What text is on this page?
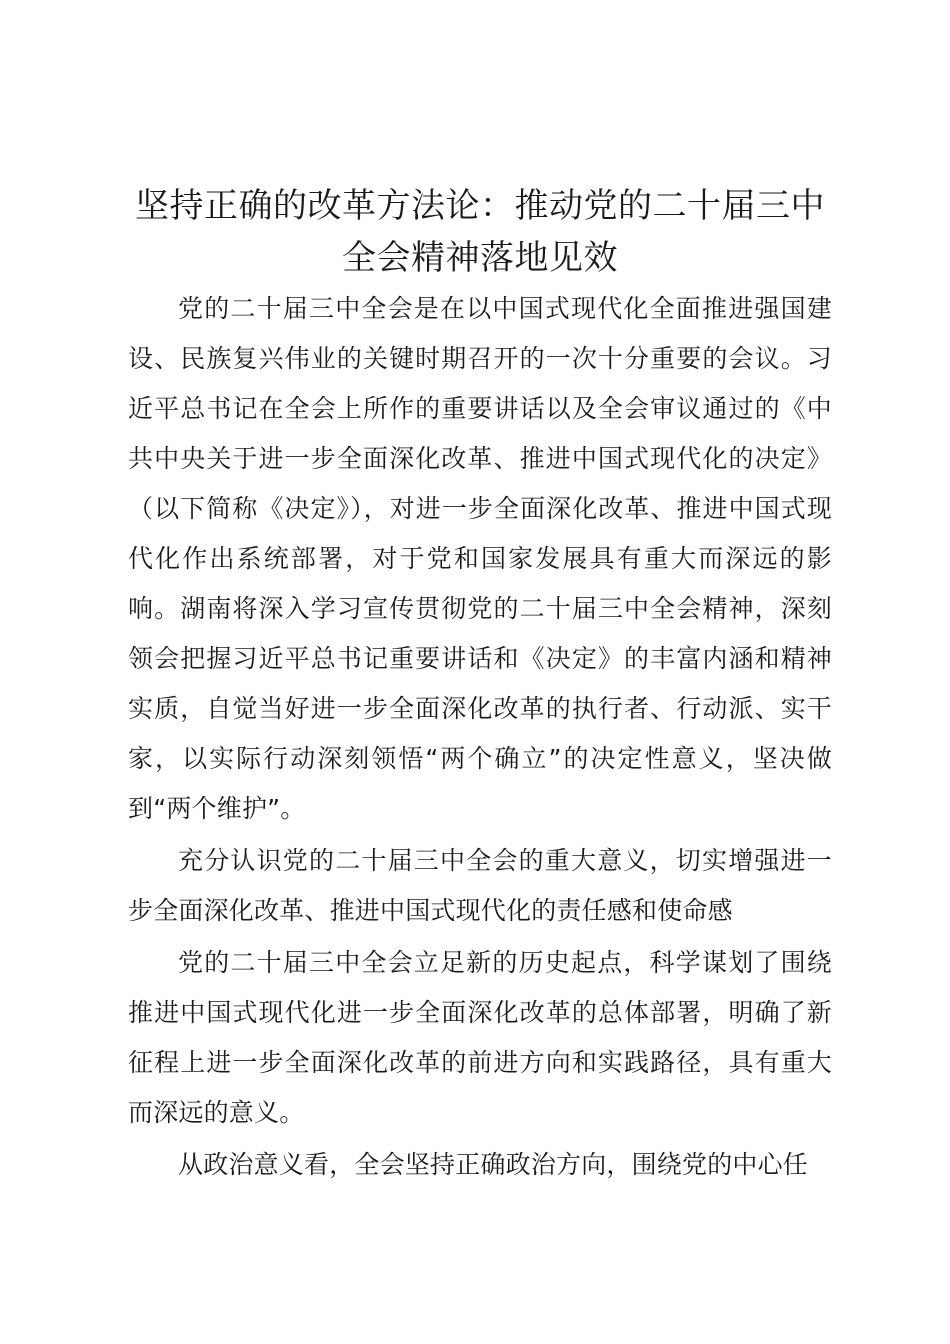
坚持正确的改革方法论：推动党的二十届三中全会精神落地见效

党的二十届三中全会是在以中国式现代化全面推进强国建设、民族复兴伟业的关键时期召开的一次十分重要的会议。习近平总书记在全会上所作的重要讲话以及全会审议通过的《中共中央关于进一步全面深化改革、推进中国式现代化的决定》（以下简称《决定》），对进一步全面深化改革、推进中国式现代化作出系统部署，对于党和国家发展具有重大而深远的影响。湖南将深入学习宣传贯彻党的二十届三中全会精神，深刻领会把握习近平总书记重要讲话和《决定》的丰富内涵和精神实质，自觉当好进一步全面深化改革的执行者、行动派、实干家，以实际行动深刻领悟“两个确立”的决定性意义，坚决做到“两个维护”。

充分认识党的二十届三中全会的重大意义，切实增强进一步全面深化改革、推进中国式现代化的责任感和使命感

党的二十届三中全会立足新的历史起点，科学谋划了围绕推进中国式现代化进一步全面深化改革的总体部署，明确了新征程上进一步全面深化改革的前进方向和实践路径，具有重大而深远的意义。

从政治意义看，全会坚持正确政治方向，围绕党的中心任
